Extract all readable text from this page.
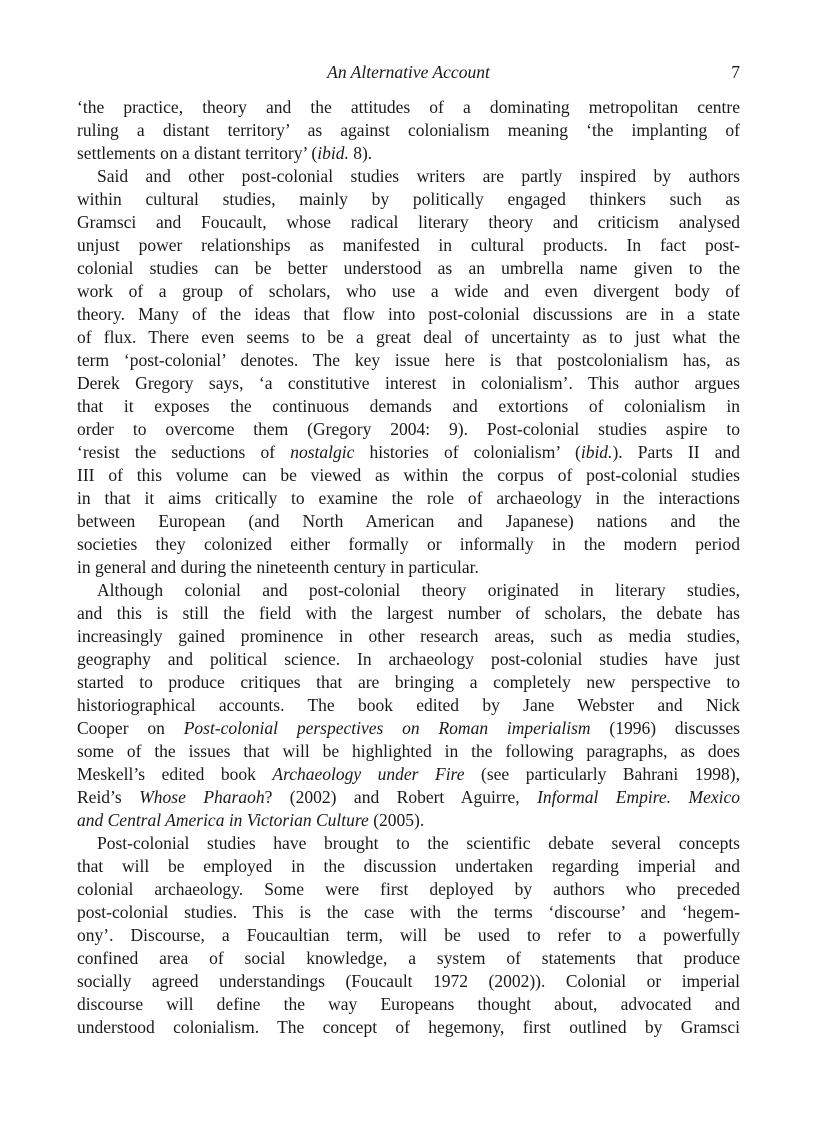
An Alternative Account	7
‘the practice, theory and the attitudes of a dominating metropolitan centre
ruling a distant territory’ as against colonialism meaning ‘the implanting of
settlements on a distant territory’ (ibid. 8).
Said and other post-colonial studies writers are partly inspired by authors
within cultural studies, mainly by politically engaged thinkers such as
Gramsci and Foucault, whose radical literary theory and criticism analysed
unjust power relationships as manifested in cultural products. In fact post-
colonial studies can be better understood as an umbrella name given to the
work of a group of scholars, who use a wide and even divergent body of
theory. Many of the ideas that flow into post-colonial discussions are in a state
of flux. There even seems to be a great deal of uncertainty as to just what the
term ‘post-colonial’ denotes. The key issue here is that postcolonialism has, as
Derek Gregory says, ‘a constitutive interest in colonialism’. This author argues
that it exposes the continuous demands and extortions of colonialism in
order to overcome them (Gregory 2004: 9). Post-colonial studies aspire to
‘resist the seductions of nostalgic histories of colonialism’ (ibid.). Parts II and
III of this volume can be viewed as within the corpus of post-colonial studies
in that it aims critically to examine the role of archaeology in the interactions
between European (and North American and Japanese) nations and the
societies they colonized either formally or informally in the modern period
in general and during the nineteenth century in particular.
Although colonial and post-colonial theory originated in literary studies,
and this is still the field with the largest number of scholars, the debate has
increasingly gained prominence in other research areas, such as media studies,
geography and political science. In archaeology post-colonial studies have just
started to produce critiques that are bringing a completely new perspective to
historiographical accounts. The book edited by Jane Webster and Nick
Cooper on Post-colonial perspectives on Roman imperialism (1996) discusses
some of the issues that will be highlighted in the following paragraphs, as does
Meskell’s edited book Archaeology under Fire (see particularly Bahrani 1998),
Reid’s Whose Pharaoh? (2002) and Robert Aguirre, Informal Empire. Mexico
and Central America in Victorian Culture (2005).
Post-colonial studies have brought to the scientific debate several concepts
that will be employed in the discussion undertaken regarding imperial and
colonial archaeology. Some were first deployed by authors who preceded
post-colonial studies. This is the case with the terms ‘discourse’ and ‘hegem-
ony’. Discourse, a Foucaultian term, will be used to refer to a powerfully
confined area of social knowledge, a system of statements that produce
socially agreed understandings (Foucault 1972 (2002)). Colonial or imperial
discourse will define the way Europeans thought about, advocated and
understood colonialism. The concept of hegemony, first outlined by Gramsci
